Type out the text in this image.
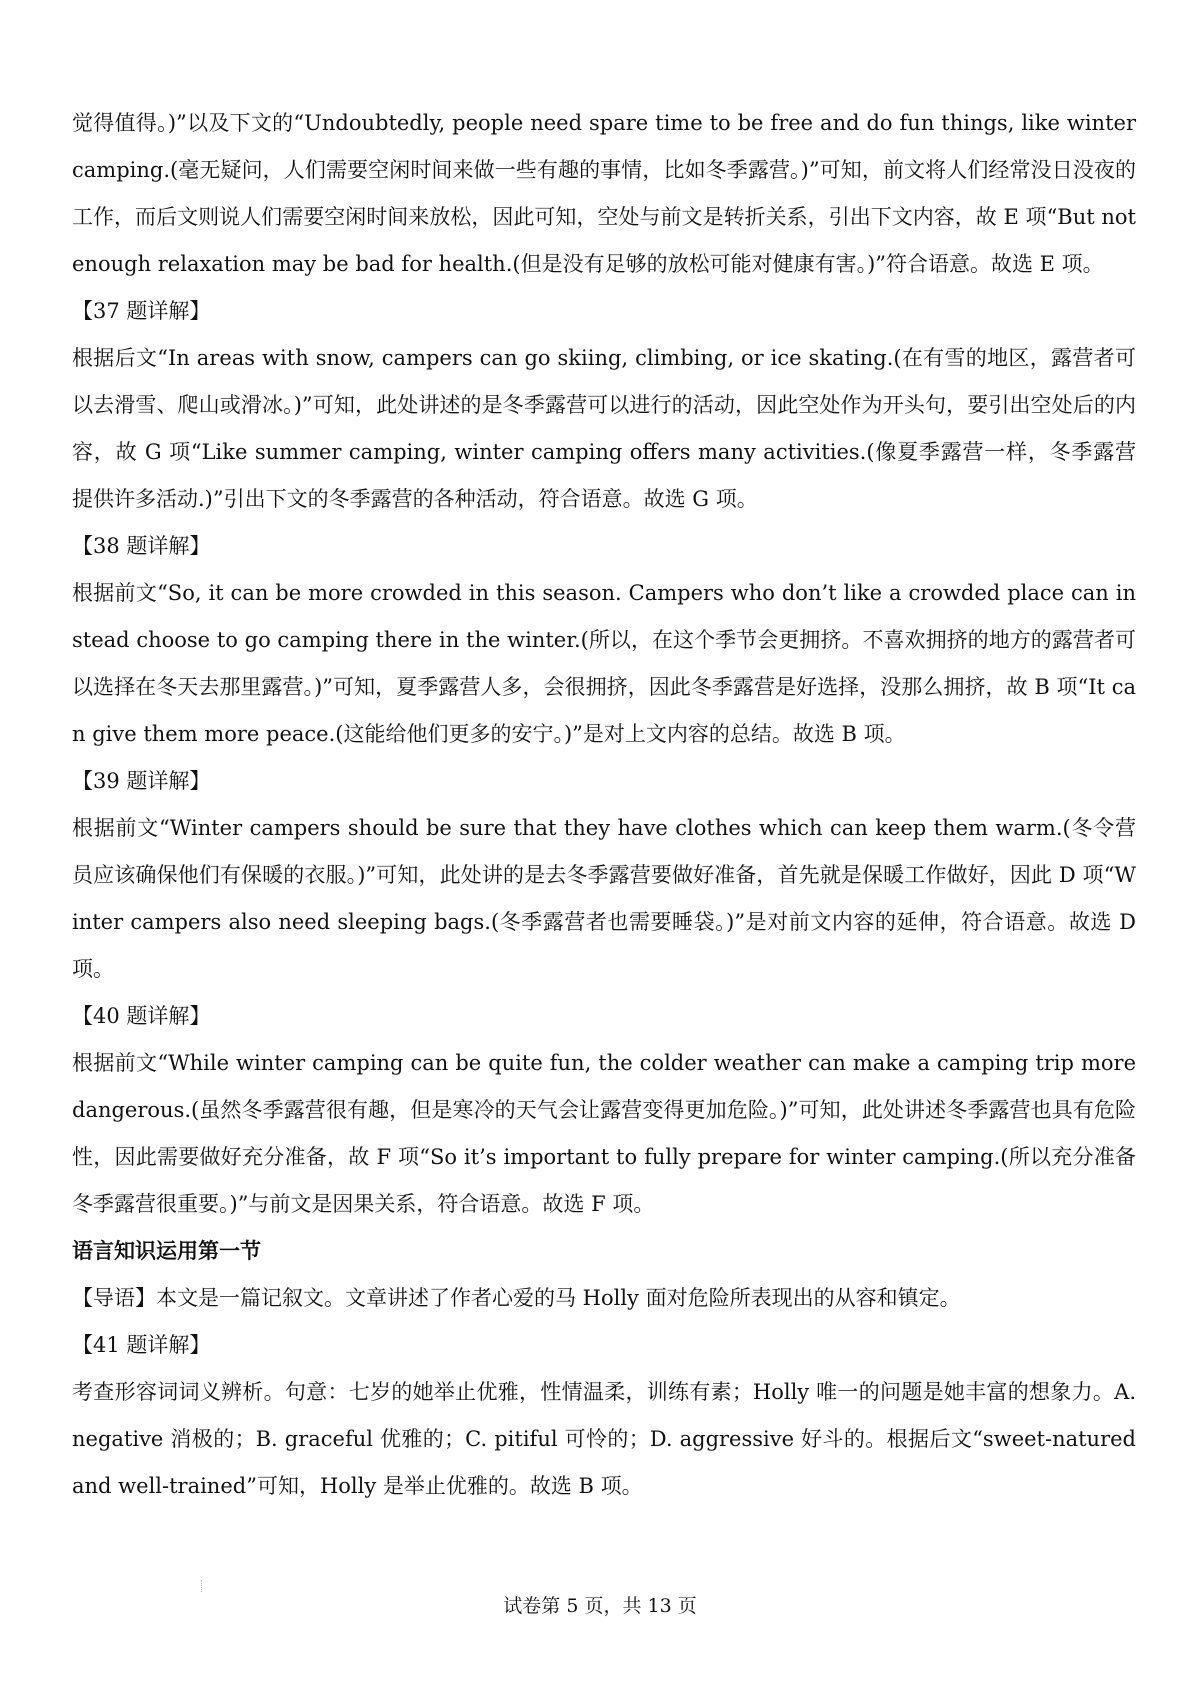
觉得值得。)”以及下文的“Undoubtedly, people need spare time to be free and do fun things, like winter camping.(毫无疑问，人们需要空闲时间来做一些有趣的事情，比如冬季露营。)”可知，前文将人们经常没日没夜的工作，而后文则说人们需要空闲时间来放松，因此可知，空处与前文是转折关系，引出下文内容，故 E 项“But not enough relaxation may be bad for health.(但是没有足够的放松可能对健康有害。)”符合语意。故选 E 项。

【37 题详解】

根据后文“In areas with snow, campers can go skiing, climbing, or ice skating.(在有雪的地区，露营者可以去滑雪、爬山或滑冰。)”可知，此处讲述的是冬季露营可以进行的活动，因此空处作为开头句，要引出空处后的内容，故 G 项“Like summer camping, winter camping offers many activities.(像夏季露营一样，冬季露营提供许多活动.)”引出下文的冬季露营的各种活动，符合语意。故选 G 项。

【38 题详解】

根据前文“So, it can be more crowded in this season. Campers who don’t like a crowded place can instead choose to go camping there in the winter.(所以，在这个季节会更拥挤。不喜欢拥挤的地方的露营者可以选择在冬天去那里露营。)”可知，夏季露营人多，会很拥挤，因此冬季露营是好选择，没那么拥挤，故 B 项“It can give them more peace.(这能给他们更多的安宁。)”是对上文内容的总结。故选 B 项。

【39 题详解】

根据前文“Winter campers should be sure that they have clothes which can keep them warm.(冬令营员应该确保他们有保暖的衣服。)”可知，此处讲的是去冬季露营要做好准备，首先就是保暖工作做好，因此 D 项“Winter campers also need sleeping bags.(冬季露营者也需要睡袋。)”是对前文内容的延伸，符合语意。故选 D 项。

【40 题详解】

根据前文“While winter camping can be quite fun, the colder weather can make a camping trip more dangerous.(虽然冬季露营很有趣，但是寒冷的天气会让露营变得更加危险。)”可知，此处讲述冬季露营也具有危险性，因此需要做好充分准备，故 F 项“So it’s important to fully prepare for winter camping.(所以充分准备冬季露营很重要。)”与前文是因果关系，符合语意。故选 F 项。

语言知识运用第一节

【导语】本文是一篇记叙文。文章讲述了作者心爱的马 Holly 面对危险所表现出的从容和镇定。

【41 题详解】

考查形容词词义辨析。句意：七岁的她举止优雅，性情温柔，训练有素；Holly 唯一的问题是她丰富的想象力。A. negative 消极的；B. graceful 优雅的；C. pitiful 可怜的；D. aggressive 好斗的。根据后文“sweet-natured and well-trained”可知，Holly 是举止优雅的。故选 B 项。

试卷第 5 页，共 13 页
